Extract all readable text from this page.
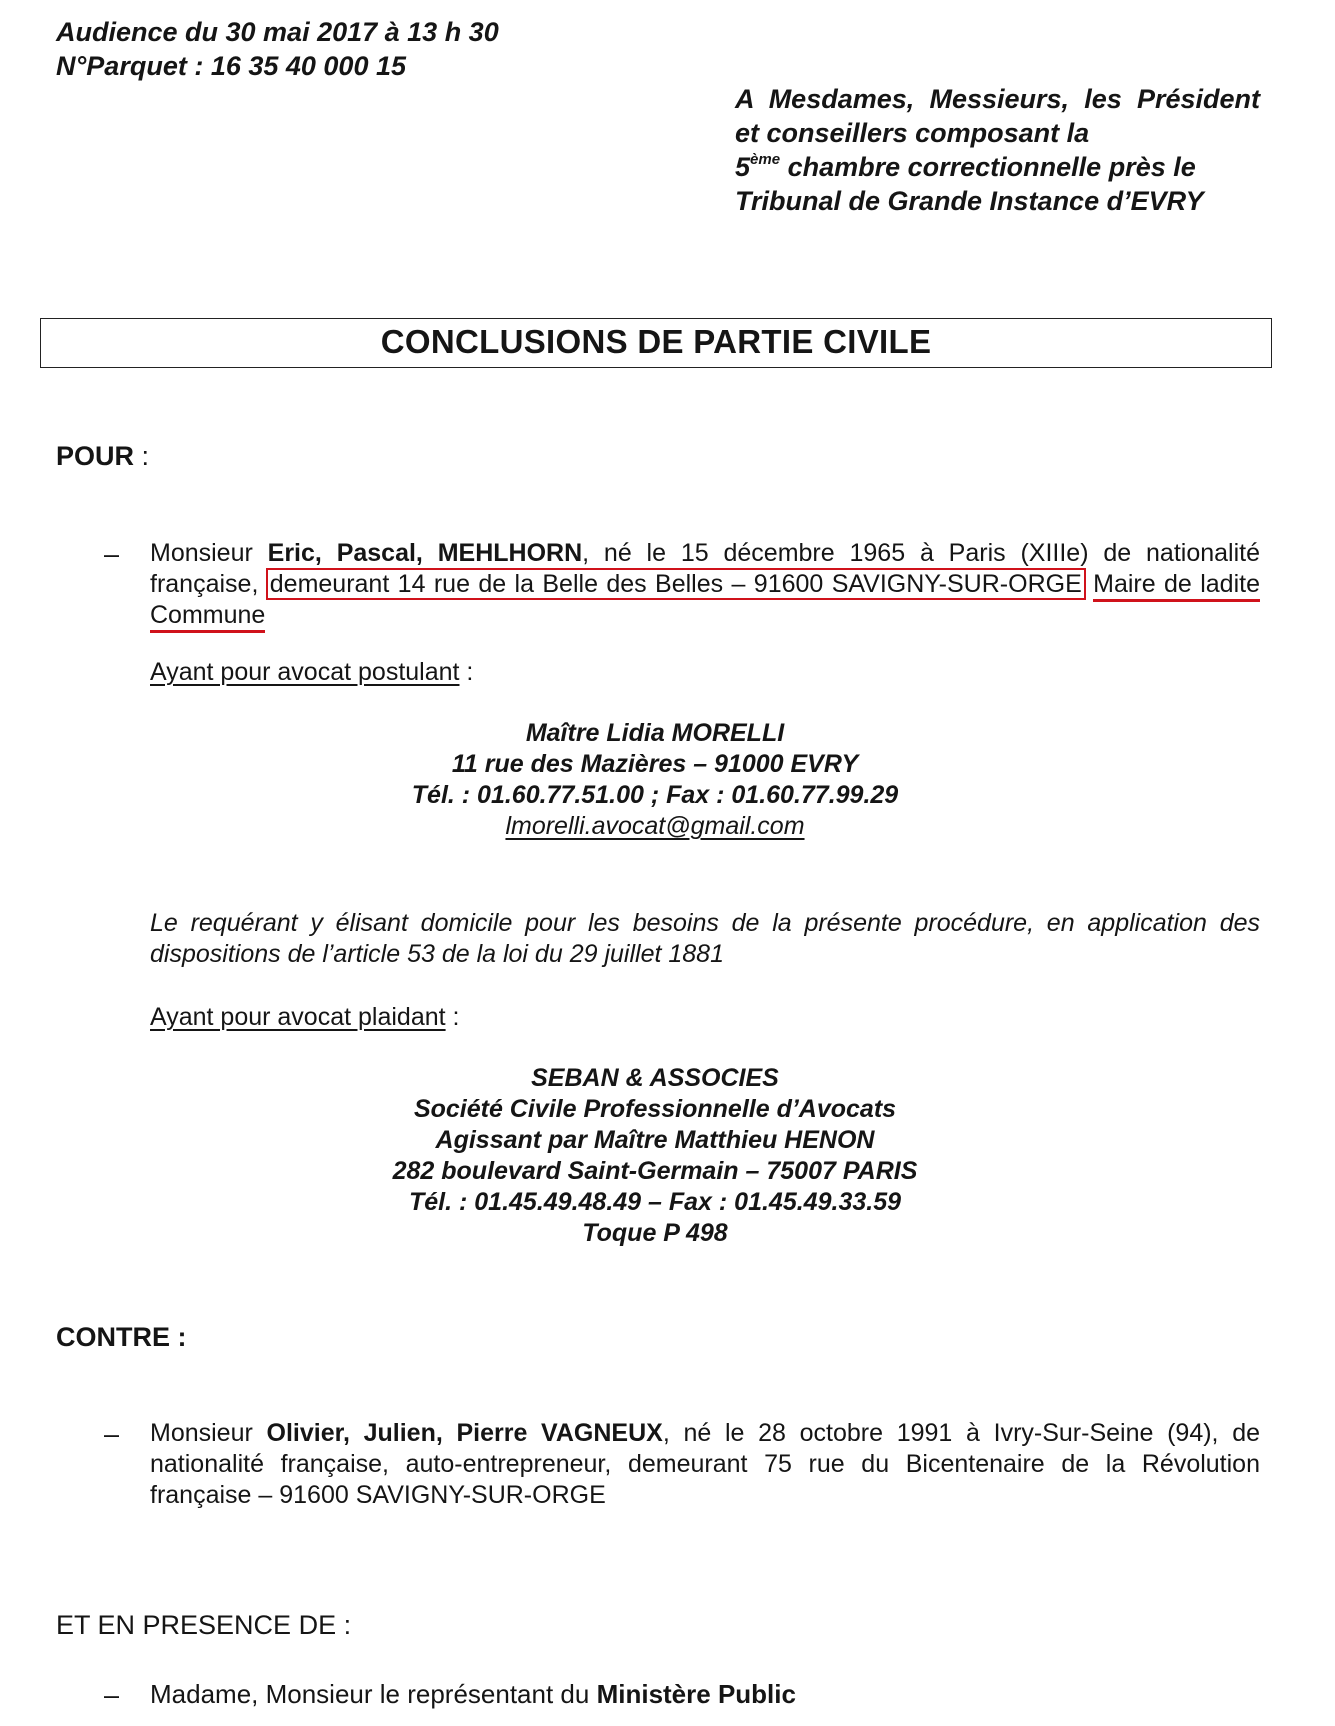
Audience du 30 mai 2017 à 13 h 30
N°Parquet : 16 35 40 000 15
A Mesdames, Messieurs, les Président et conseillers composant la
5ème chambre correctionnelle près le
Tribunal de Grande Instance d’EVRY
CONCLUSIONS DE PARTIE CIVILE
POUR :
– Monsieur Eric, Pascal, MEHLHORN, né le 15 décembre 1965 à Paris (XIIIe) de nationalité française, demeurant 14 rue de la Belle des Belles – 91600 SAVIGNY-SUR-ORGE Maire de ladite Commune
Ayant pour avocat postulant :
Maître Lidia MORELLI
11 rue des Mazières – 91000 EVRY
Tél. : 01.60.77.51.00 ; Fax : 01.60.77.99.29
lmorelli.avocat@gmail.com
Le requérant y élisant domicile pour les besoins de la présente procédure, en application des dispositions de l’article 53 de la loi du 29 juillet 1881
Ayant pour avocat plaidant :
SEBAN & ASSOCIES
Société Civile Professionnelle d’Avocats
Agissant par Maître Matthieu HENON
282 boulevard Saint-Germain – 75007 PARIS
Tél. : 01.45.49.48.49 – Fax : 01.45.49.33.59
Toque P 498
CONTRE :
– Monsieur Olivier, Julien, Pierre VAGNEUX, né le 28 octobre 1991 à Ivry-Sur-Seine (94), de nationalité française, auto-entrepreneur, demeurant 75 rue du Bicentenaire de la Révolution française – 91600 SAVIGNY-SUR-ORGE
ET EN PRESENCE DE :
– Madame, Monsieur le représentant du Ministère Public
